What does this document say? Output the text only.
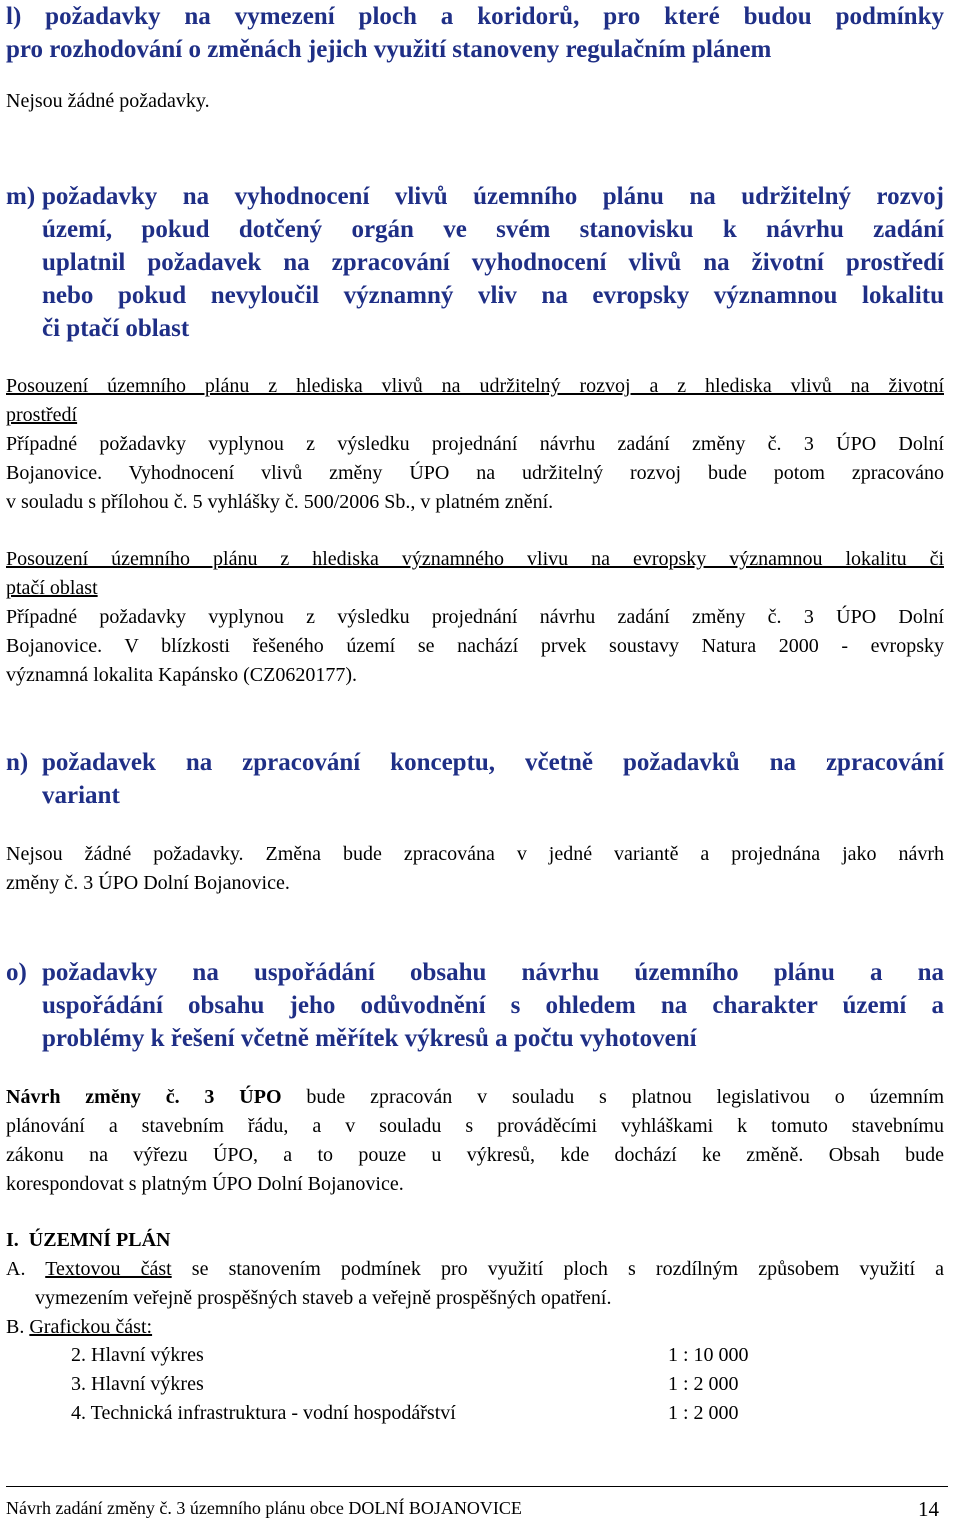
l) požadavky na vymezení ploch a koridorů, pro které budou podmínky
pro rozhodování o změnách jejich využití stanoveny regulačním plánem
Nejsou žádné požadavky.
m) požadavky na vyhodnocení vlivů územního plánu na udržitelný rozvoj
území, pokud dotčený orgán ve svém stanovisku k návrhu zadání
uplatnil požadavek na zpracování vyhodnocení vlivů na životní prostředí
nebo pokud nevyloučil významný vliv na evropsky významnou lokalitu
či ptačí oblast
Posouzení územního plánu z hlediska vlivů na udržitelný rozvoj a z hlediska vlivů na životní
prostředí
Případné požadavky vyplynou z výsledku projednání návrhu zadání změny č. 3 ÚPO Dolní
Bojanovice. Vyhodnocení vlivů změny ÚPO na udržitelný rozvoj bude potom zpracováno
v souladu s přílohou č. 5 vyhlášky č. 500/2006 Sb., v platném znění.
Posouzení územního plánu z hlediska významného vlivu na evropsky významnou lokalitu či
ptačí oblast
Případné požadavky vyplynou z výsledku projednání návrhu zadání změny č. 3 ÚPO Dolní
Bojanovice. V blízkosti řešeného území se nachází prvek soustavy Natura 2000 - evropsky
významná lokalita Kapánsko (CZ0620177).
n) požadavek na zpracování konceptu, včetně požadavků na zpracování
variant
Nejsou žádné požadavky. Změna bude zpracována v jedné variantě a projednána jako návrh
změny č. 3 ÚPO Dolní Bojanovice.
o) požadavky na uspořádání obsahu návrhu územního plánu a na
uspořádání obsahu jeho odůvodnění s ohledem na charakter území a
problémy k řešení včetně měřítek výkresů a počtu vyhotovení
Návrh změny č. 3 ÚPO bude zpracován v souladu s platnou legislativou o územním
plánování a stavebním řádu, a v souladu s prováděcími vyhláškami k tomuto stavebnímu
zákonu na výřezu ÚPO, a to pouze u výkresů, kde dochází ke změně. Obsah bude
korespondovat s platným ÚPO Dolní Bojanovice.
I.  ÚZEMNÍ PLÁN
A. Textovou část se stanovením podmínek pro využití ploch s rozdílným způsobem využití a
vymezením veřejně prospěšných staveb a veřejně prospěšných opatření.
B. Grafickou část:
2. Hlavní výkres	1 : 10 000
3. Hlavní výkres	1 : 2 000
4. Technická infrastruktura - vodní hospodářství	1 : 2 000
Návrh zadání změny č. 3 územního plánu obce DOLNÍ BOJANOVICE	14
